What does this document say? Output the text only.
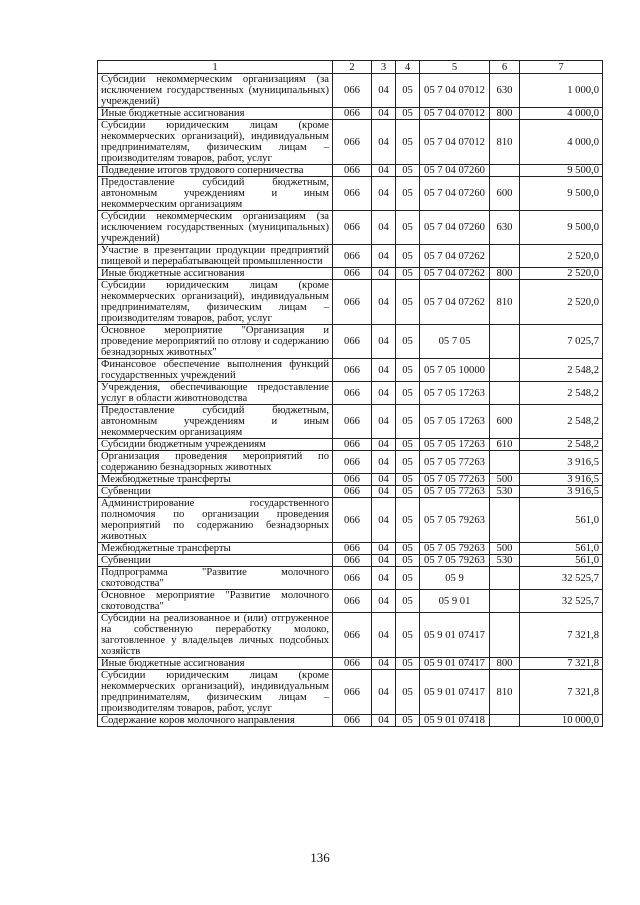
1	2	3	4	5	6	7
Субсидии некоммерческим организациям (за исключением государственных (муниципальных) учреждений)	066	04	05	05 7 04 07012	630	1 000,0
Иные бюджетные ассигнования	066	04	05	05 7 04 07012	800	4 000,0
Субсидии юридическим лицам (кроме некоммерческих организаций), индивидуальным предпринимателям, физическим лицам – производителям товаров, работ, услуг	066	04	05	05 7 04 07012	810	4 000,0
Подведение итогов трудового соперничества	066	04	05	05 7 04 07260		9 500,0
Предоставление субсидий бюджетным, автономным учреждениям и иным некоммерческим организациям	066	04	05	05 7 04 07260	600	9 500,0
Субсидии некоммерческим организациям (за исключением государственных (муниципальных) учреждений)	066	04	05	05 7 04 07260	630	9 500,0
Участие в презентации продукции предприятий пищевой и перерабатывающей промышленности	066	04	05	05 7 04 07262		2 520,0
Иные бюджетные ассигнования	066	04	05	05 7 04 07262	800	2 520,0
Субсидии юридическим лицам (кроме некоммерческих организаций), индивидуальным предпринимателям, физическим лицам – производителям товаров, работ, услуг	066	04	05	05 7 04 07262	810	2 520,0
Основное мероприятие "Организация и проведение мероприятий по отлову и содержанию безнадзорных животных"	066	04	05	05 7 05		7 025,7
Финансовое обеспечение выполнения функций государственных учреждений	066	04	05	05 7 05 10000		2 548,2
Учреждения, обеспечивающие предоставление услуг в области животноводства	066	04	05	05 7 05 17263		2 548,2
Предоставление субсидий бюджетным, автономным учреждениям и иным некоммерческим организациям	066	04	05	05 7 05 17263	600	2 548,2
Субсидии бюджетным учреждениям	066	04	05	05 7 05 17263	610	2 548,2
Организация проведения мероприятий по содержанию безнадзорных животных	066	04	05	05 7 05 77263		3 916,5
Межбюджетные трансферты	066	04	05	05 7 05 77263	500	3 916,5
Субвенции	066	04	05	05 7 05 77263	530	3 916,5
Администрирование государственного полномочия по организации проведения мероприятий по содержанию безнадзорных животных	066	04	05	05 7 05 79263		561,0
Межбюджетные трансферты	066	04	05	05 7 05 79263	500	561,0
Субвенции	066	04	05	05 7 05 79263	530	561,0
Подпрограмма "Развитие молочного скотоводства"	066	04	05	05 9		32 525,7
Основное мероприятие "Развитие молочного скотоводства"	066	04	05	05 9 01		32 525,7
Субсидии на реализованное и (или) отгруженное на собственную переработку молоко, заготовленное у владельцев личных подсобных хозяйств	066	04	05	05 9 01 07417		7 321,8
Иные бюджетные ассигнования	066	04	05	05 9 01 07417	800	7 321,8
Субсидии юридическим лицам (кроме некоммерческих организаций), индивидуальным предпринимателям, физическим лицам – производителям товаров, работ, услуг	066	04	05	05 9 01 07417	810	7 321,8
Содержание коров молочного направления	066	04	05	05 9 01 07418		10 000,0
136
